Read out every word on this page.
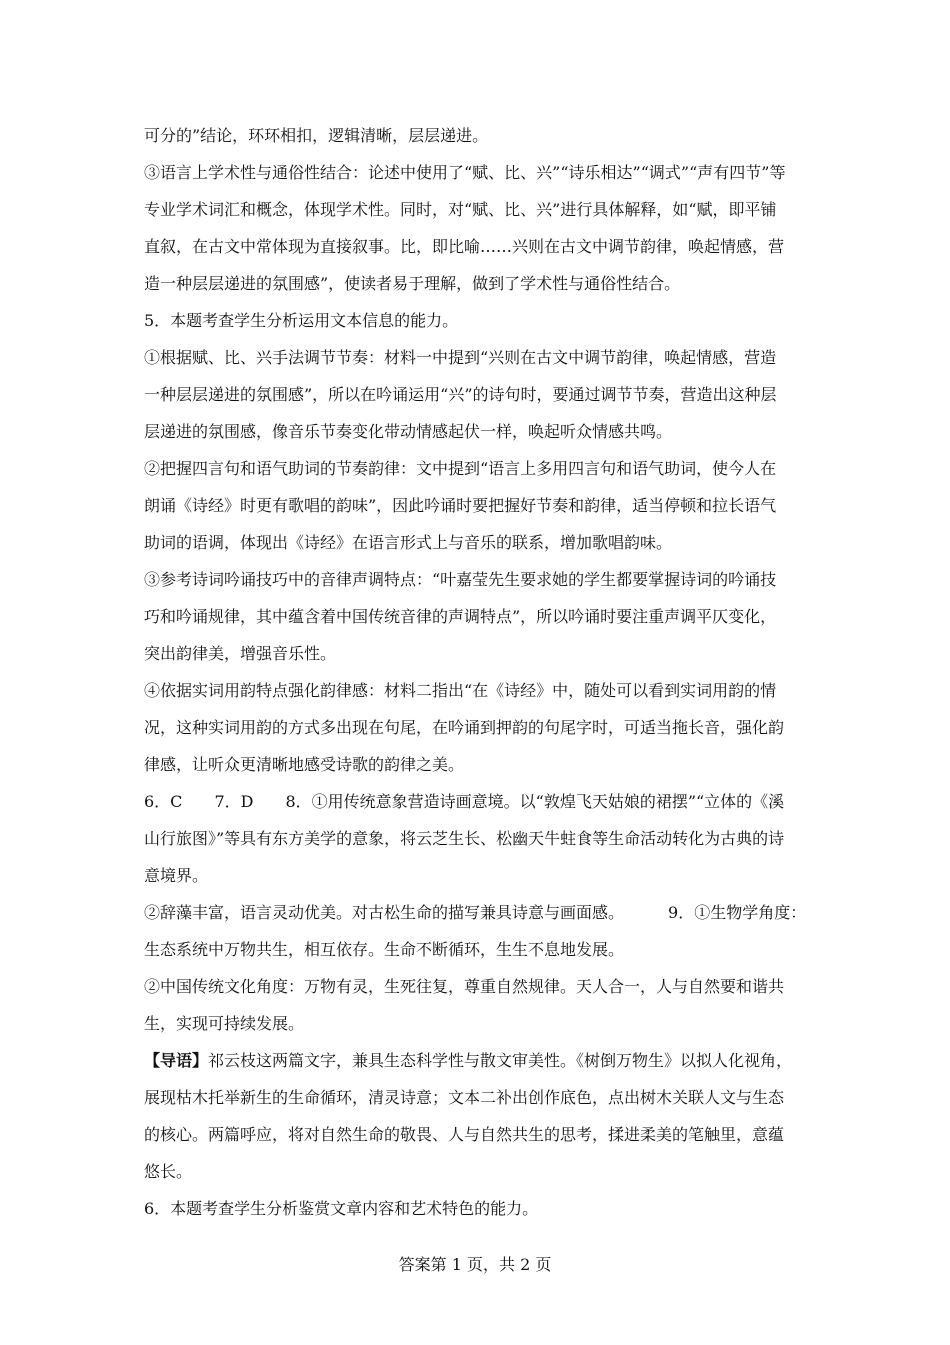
可分的”结论，环环相扣，逻辑清晰，层层递进。
③语言上学术性与通俗性结合：论述中使用了“赋、比、兴”“诗乐相达”“调式”“声有四节”等
专业学术词汇和概念，体现学术性。同时，对“赋、比、兴”进行具体解释，如“赋，即平铺
直叙，在古文中常体现为直接叙事。比，即比喻……兴则在古文中调节韵律，唤起情感，营
造一种层层递进的氛围感”，使读者易于理解，做到了学术性与通俗性结合。
5．本题考查学生分析运用文本信息的能力。
①根据赋、比、兴手法调节节奏：材料一中提到“兴则在古文中调节韵律，唤起情感，营造
一种层层递进的氛围感”，所以在吟诵运用“兴”的诗句时，要通过调节节奏，营造出这种层
层递进的氛围感，像音乐节奏变化带动情感起伏一样，唤起听众情感共鸣。
②把握四言句和语气助词的节奏韵律：文中提到“语言上多用四言句和语气助词，使今人在
朗诵《诗经》时更有歌唱的韵味”，因此吟诵时要把握好节奏和韵律，适当停顿和拉长语气
助词的语调，体现出《诗经》在语言形式上与音乐的联系，增加歌唱韵味。
③参考诗词吟诵技巧中的音律声调特点：“叶嘉莹先生要求她的学生都要掌握诗词的吟诵技
巧和吟诵规律，其中蕴含着中国传统音律的声调特点”，所以吟诵时要注重声调平仄变化，
突出韵律美，增强音乐性。
④依据实词用韵特点强化韵律感：材料二指出“在《诗经》中，随处可以看到实词用韵的情
况，这种实词用韵的方式多出现在句尾，在吟诵到押韵的句尾字时，可适当拖长音，强化韵
律感，让听众更清晰地感受诗歌的韵律之美。
6．C 7．D 8．①用传统意象营造诗画意境。以“敦煌飞天姑娘的裙摆”“立体的《溪
山行旅图》”等具有东方美学的意象，将云芝生长、松幽天牛蛀食等生命活动转化为古典的诗
意境界。
②辞藻丰富，语言灵动优美。对古松生命的描写兼具诗意与画面感。	9．①生物学角度：
生态系统中万物共生，相互依存。生命不断循环，生生不息地发展。
②中国传统文化角度：万物有灵，生死往复，尊重自然规律。天人合一，人与自然要和谐共
生，实现可持续发展。
【导语】祁云枝这两篇文字，兼具生态科学性与散文审美性。《树倒万物生》以拟人化视角，
展现枯木托举新生的生命循环，清灵诗意；文本二补出创作底色，点出树木关联人文与生态
的核心。两篇呼应，将对自然生命的敬畏、人与自然共生的思考，揉进柔美的笔触里，意蕴
悠长。
6．本题考查学生分析鉴赏文章内容和艺术特色的能力。
答案第 1 页，共 2 页
